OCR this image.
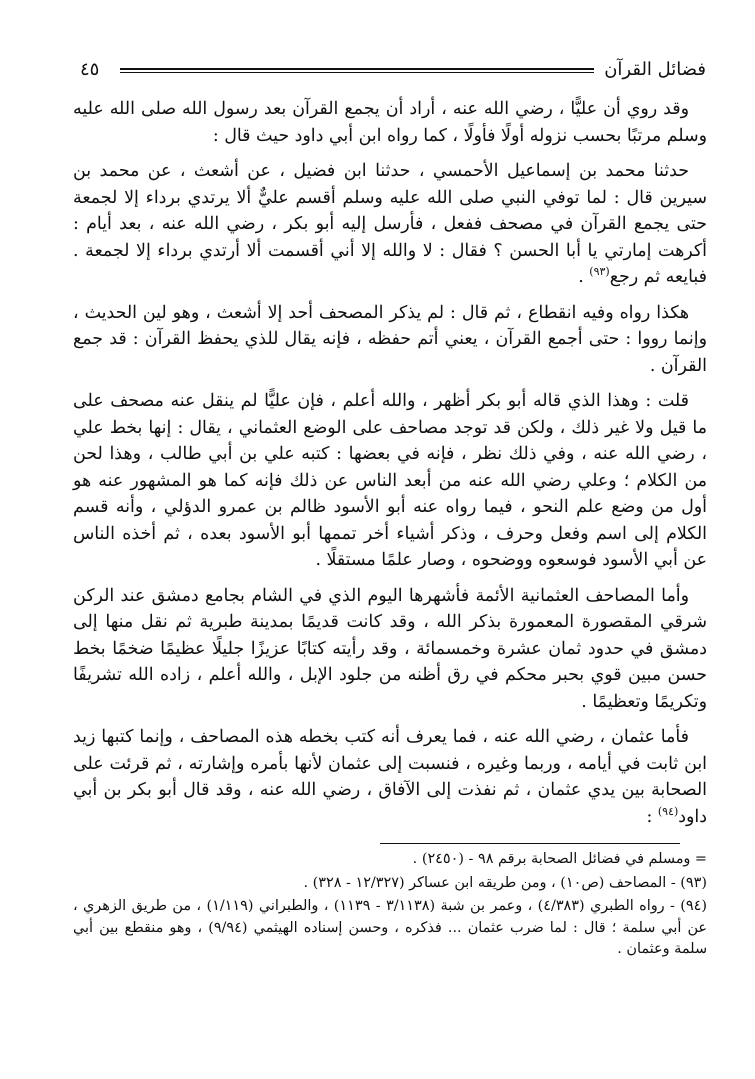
فضائل القرآن
٤٥

وقد روي أن عليًّا ، رضي الله عنه ، أراد أن يجمع القرآن بعد رسول الله صلى الله عليه وسلم مرتبًا بحسب نزوله أولًا فأولًا ، كما رواه ابن أبي داود حيث قال :

حدثنا محمد بن إسماعيل الأحمسي ، حدثنا ابن فضيل ، عن أشعث ، عن محمد بن سيرين قال : لما توفي النبي صلى الله عليه وسلم أقسم عليٌّ ألا يرتدي برداء إلا لجمعة حتى يجمع القرآن في مصحف ففعل ، فأرسل إليه أبو بكر ، رضي الله عنه ، بعد أيام : أكرهت إمارتي يا أبا الحسن ؟ فقال : لا والله إلا أني أقسمت ألا أرتدي برداء إلا لجمعة . فبايعه ثم رجع$^{(٩٣)}$ .

هكذا رواه وفيه انقطاع ، ثم قال : لم يذكر المصحف أحد إلا أشعث ، وهو لين الحديث ، وإنما رووا : حتى أجمع القرآن ، يعني أتم حفظه ، فإنه يقال للذي يحفظ القرآن : قد جمع القرآن .

قلت : وهذا الذي قاله أبو بكر أظهر ، والله أعلم ، فإن عليًّا لم ينقل عنه مصحف على ما قيل ولا غير ذلك ، ولكن قد توجد مصاحف على الوضع العثماني ، يقال : إنها بخط علي ، رضي الله عنه ، وفي ذلك نظر ، فإنه في بعضها : كتبه علي بن أبي طالب ، وهذا لحن من الكلام ؛ وعلي رضي الله عنه من أبعد الناس عن ذلك فإنه كما هو المشهور عنه هو أول من وضع علم النحو ، فيما رواه عنه أبو الأسود ظالم بن عمرو الدؤلي ، وأنه قسم الكلام إلى اسم وفعل وحرف ، وذكر أشياء أخر تممها أبو الأسود بعده ، ثم أخذه الناس عن أبي الأسود فوسعوه ووضحوه ، وصار علمًا مستقلًا .

وأما المصاحف العثمانية الأئمة فأشهرها اليوم الذي في الشام بجامع دمشق عند الركن شرقي المقصورة المعمورة بذكر الله ، وقد كانت قديمًا بمدينة طبرية ثم نقل منها إلى دمشق في حدود ثمان عشرة وخمسمائة ، وقد رأيته كتابًا عزيزًا جليلًا عظيمًا ضخمًا بخط حسن مبين قوي بحبر محكم في رق أظنه من جلود الإبل ، والله أعلم ، زاده الله تشريفًا وتكريمًا وتعظيمًا .

فأما عثمان ، رضي الله عنه ، فما يعرف أنه كتب بخطه هذه المصاحف ، وإنما كتبها زيد ابن ثابت في أيامه ، وربما وغيره ، فنسبت إلى عثمان لأنها بأمره وإشارته ، ثم قرئت على الصحابة بين يدي عثمان ، ثم نفذت إلى الآفاق ، رضي الله عنه ، وقد قال أبو بكر بن أبي داود$^{(٩٤)}$ :

= ومسلم في فضائل الصحابة برقم ٩٨ - (٢٤٥٠) .

(٩٣) - المصاحف (ص١٠) ، ومن طريقه ابن عساكر (١٢/٣٢٧ - ٣٢٨) .

(٩٤) - رواه الطبري (٤/٣٨٣) ، وعمر بن شبة (٣/١١٣٨ - ١١٣٩) ، والطبراني (١/١١٩) ، من طريق الزهري ، عن أبي سلمة ؛ قال : لما ضرب عثمان ... فذكره ، وحسن إسناده الهيثمي (٩/٩٤) ، وهو منقطع بين أبي سلمة وعثمان .
